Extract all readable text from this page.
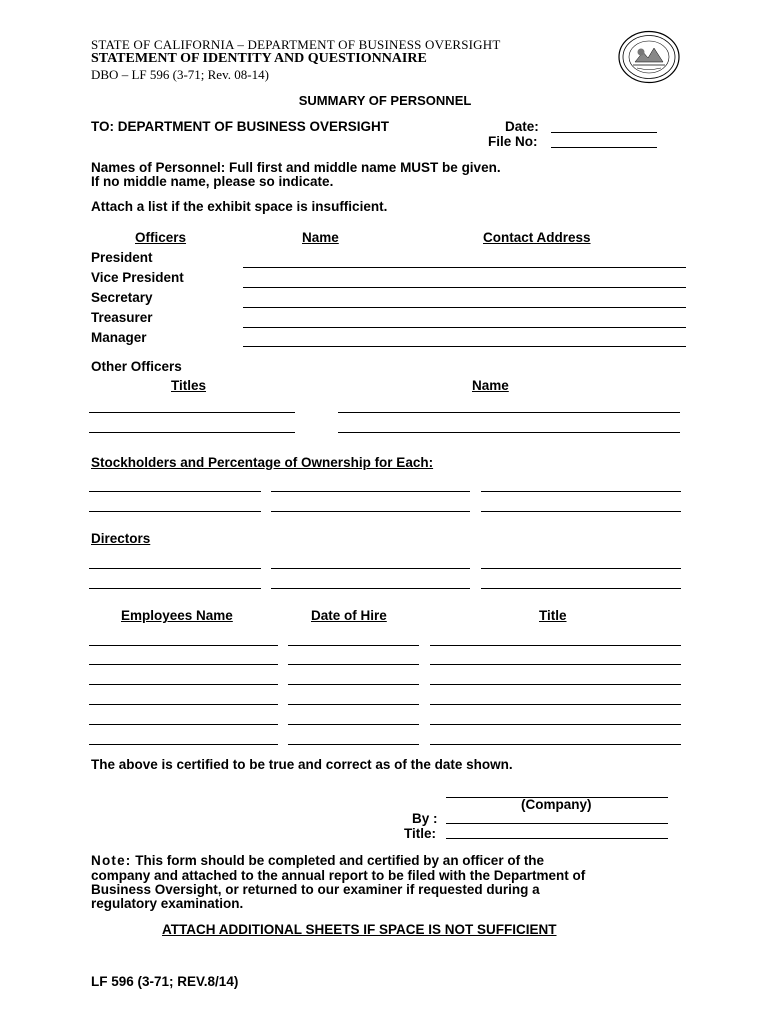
STATE OF CALIFORNIA – DEPARTMENT OF BUSINESS OVERSIGHT
STATEMENT OF IDENTITY AND QUESTIONNAIRE
DBO – LF 596 (3-71; Rev. 08-14)
SUMMARY OF PERSONNEL
TO: DEPARTMENT OF BUSINESS OVERSIGHT	Date:
File No:
Names of Personnel: Full first and middle name MUST be given.
If no middle name, please so indicate.
Attach a list if the exhibit space is insufficient.
Officers	Name	Contact Address
President
Vice President
Secretary
Treasurer
Manager
Other Officers
Titles	Name
Stockholders and Percentage of Ownership for Each:
Directors
Employees Name	Date of Hire	Title
The above is certified to be true and correct as of the date shown.
(Company)
By :
Title:
Note: This form should be completed and certified by an officer of the
company and attached to the annual report to be filed with the Department of
Business Oversight, or returned to our examiner if requested during a
regulatory examination.
ATTACH ADDITIONAL SHEETS IF SPACE IS NOT SUFFICIENT
LF 596 (3-71; REV.8/14)
